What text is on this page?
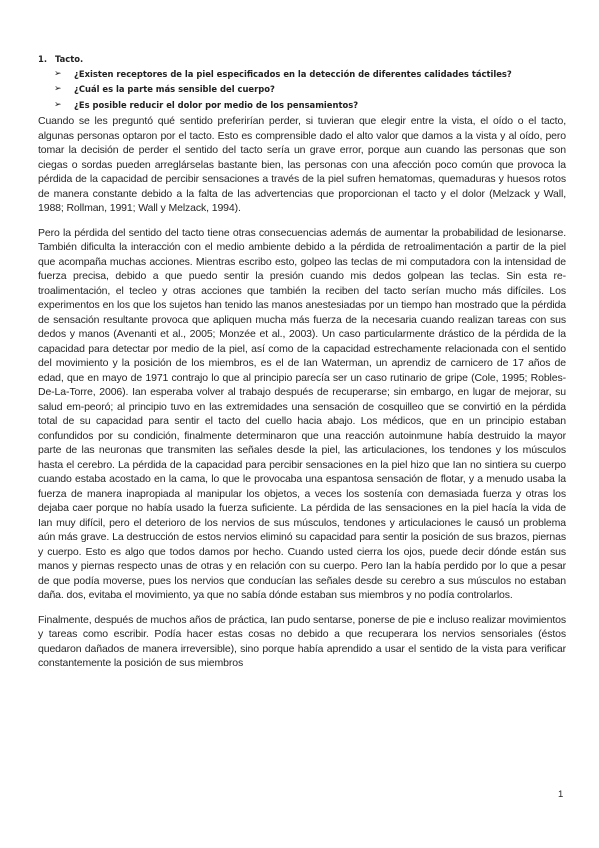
1. Tacto.
➢	¿Existen receptores de la piel especificados en la detección de diferentes calidades táctiles?
➢	¿Cuál es la parte más sensible del cuerpo?
➢	¿Es posible reducir el dolor por medio de los pensamientos?

Cuando se les preguntó qué sentido preferirían perder, si tuvieran que elegir entre la vista, el oído o el tacto, algunas personas optaron por el tacto. Esto es comprensible dado el alto valor que damos a la vista y al oído, pero tomar la decisión de perder el sentido del tacto sería un grave error, porque aun cuando las personas que son ciegas o sordas pueden arreglárselas bastante bien, las personas con una afección poco común que provoca la pérdida de la capacidad de percibir sensaciones a través de la piel sufren hematomas, quemaduras y huesos rotos de manera constante debido a la falta de las advertencias que proporcionan el tacto y el dolor (Melzack y Wall, 1988; Rollman, 1991; Wall y Melzack, 1994).

Pero la pérdida del sentido del tacto tiene otras consecuencias además de aumentar la probabilidad de lesionarse. También dificulta la interacción con el medio ambiente debido a la pérdida de retroalimentación a partir de la piel que acompaña muchas acciones. Mientras escribo esto, golpeo las teclas de mi computadora con la intensidad de fuerza precisa, debido a que puedo sentir la presión cuando mis dedos golpean las teclas. Sin esta re-troalimentación, el tecleo y otras acciones que también la reciben del tacto serían mucho más difíciles. Los experimentos en los que los sujetos han tenido las manos anestesiadas por un tiempo han mostrado que la pérdida de sensación resultante provoca que apliquen mucha más fuerza de la necesaria cuando realizan tareas con sus dedos y manos (Avenanti et al., 2005; Monzée et al., 2003). Un caso particularmente drástico de la pérdida de la capacidad para detectar por medio de la piel, así como de la capacidad estrechamente relacionada con el sentido del movimiento y la posición de los miembros, es el de Ian Waterman, un aprendiz de carnicero de 17 años de edad, que en mayo de 1971 contrajo lo que al principio parecía ser un caso rutinario de gripe (Cole, 1995; Robles-De-La-Torre, 2006). Ian esperaba volver al trabajo después de recuperarse; sin embargo, en lugar de mejorar, su salud em-peoró; al principio tuvo en las extremidades una sensación de cosquilleo que se convirtió en la pérdida total de su capacidad para sentir el tacto del cuello hacia abajo. Los médicos, que en un principio estaban confundidos por su condición, finalmente determinaron que una reacción autoinmune había destruido la mayor parte de las neuronas que transmiten las señales desde la piel, las articulaciones, los tendones y los músculos hasta el cerebro. La pérdida de la capacidad para percibir sensaciones en la piel hizo que Ian no sintiera su cuerpo cuando estaba acostado en la cama, lo que le provocaba una espantosa sensación de flotar, y a menudo usaba la fuerza de manera inapropiada al manipular los objetos, a veces los sostenía con demasiada fuerza y otras los dejaba caer porque no había usado la fuerza suficiente. La pérdida de las sensaciones en la piel hacía la vida de Ian muy difícil, pero el deterioro de los nervios de sus músculos, tendones y articulaciones le causó un problema aún más grave. La destrucción de estos nervios eliminó su capacidad para sentir la posición de sus brazos, piernas y cuerpo. Esto es algo que todos damos por hecho. Cuando usted cierra los ojos, puede decir dónde están sus manos y piernas respecto unas de otras y en relación con su cuerpo. Pero Ian la había perdido por lo que a pesar de que podía moverse, pues los nervios que conducían las señales desde su cerebro a sus músculos no estaban daña. dos, evitaba el movimiento, ya que no sabía dónde estaban sus miembros y no podía controlarlos.

Finalmente, después de muchos años de práctica, Ian pudo sentarse, ponerse de pie e incluso realizar movimientos y tareas como escribir. Podía hacer estas cosas no debido a que recuperara los nervios sensoriales (éstos quedaron dañados de manera irreversible), sino porque había aprendido a usar el sentido de la vista para verificar constantemente la posición de sus miembros

1
